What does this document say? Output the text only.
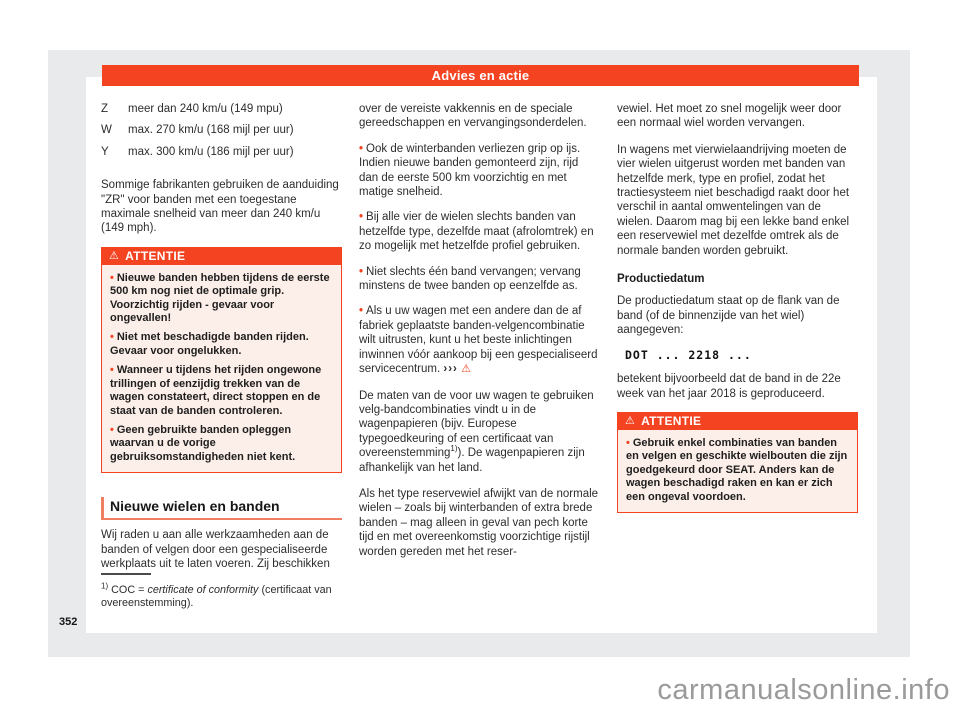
Advies en actie
Z	meer dan 240 km/u (149 mpu)
W	max. 270 km/u (168 mijl per uur)
Y	max. 300 km/u (186 mijl per uur)

Sommige fabrikanten gebruiken de aanduiding "ZR" voor banden met een toegestane maximale snelheid van meer dan 240 km/u (149 mph).

⚠ ATTENTIE

• Nieuwe banden hebben tijdens de eerste 500 km nog niet de optimale grip. Voorzichtig rijden - gevaar voor ongevallen!

• Niet met beschadigde banden rijden. Gevaar voor ongelukken.

• Wanneer u tijdens het rijden ongewone trillingen of eenzijdig trekken van de wagen constateert, direct stoppen en de staat van de banden controleren.

• Geen gebruikte banden opleggen waarvan u de vorige gebruiksomstandigheden niet kent.

Nieuwe wielen en banden

Wij raden u aan alle werkzaamheden aan de banden of velgen door een gespecialiseerde werkplaats uit te laten voeren. Zij beschikken

$^{1)}$ COC = certificate of conformity (certificaat van overeenstemming).

over de vereiste vakkennis en de speciale gereedschappen en vervangingsonderdelen.

• Ook de winterbanden verliezen grip op ijs. Indien nieuwe banden gemonteerd zijn, rijd dan de eerste 500 km voorzichtig en met matige snelheid.

• Bij alle vier de wielen slechts banden van hetzelfde type, dezelfde maat (afrolomtrek) en zo mogelijk met hetzelfde profiel gebruiken.

• Niet slechts één band vervangen; vervang minstens de twee banden op eenzelfde as.

• Als u uw wagen met een andere dan de af fabriek geplaatste banden-velgencombinatie wilt uitrusten, kunt u het beste inlichtingen inwinnen vóór aankoop bij een gespecialiseerd servicecentrum. ››› ⚠

De maten van de voor uw wagen te gebruiken velg-bandcombinaties vindt u in de wagenpapieren (bijv. Europese typegoedkeuring of een certificaat van overeenstemming$^{1)}$). De wagenpapieren zijn afhankelijk van het land.

Als het type reservewiel afwijkt van de normale wielen – zoals bij winterbanden of extra brede banden – mag alleen in geval van pech korte tijd en met overeenkomstig voorzichtige rijstijl worden gereden met het reser-

vewiel. Het moet zo snel mogelijk weer door een normaal wiel worden vervangen.

In wagens met vierwielaandrijving moeten de vier wielen uitgerust worden met banden van hetzelfde merk, type en profiel, zodat het tractiesysteem niet beschadigd raakt door het verschil in aantal omwentelingen van de wielen. Daarom mag bij een lekke band enkel een reservewiel met dezelfde omtrek als de normale banden worden gebruikt.

Productiedatum

De productiedatum staat op de flank van de band (of de binnenzijde van het wiel) aangegeven:

DOT ... 2218 ...

betekent bijvoorbeeld dat de band in de 22e week van het jaar 2018 is geproduceerd.

⚠ ATTENTIE

• Gebruik enkel combinaties van banden en velgen en geschikte wielbouten die zijn goedgekeurd door SEAT. Anders kan de wagen beschadigd raken en kan er zich een ongeval voordoen.

352
carmanualsonline.info
